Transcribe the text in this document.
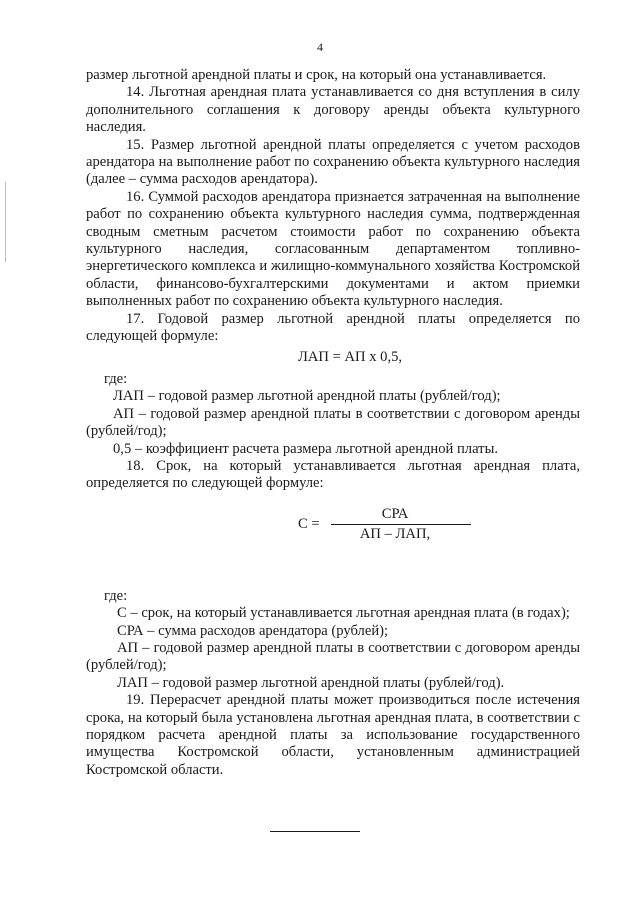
4

размер льготной арендной платы и срок, на который она устанавливается.

14. Льготная арендная плата устанавливается со дня вступления в силу дополнительного соглашения к договору аренды объекта культурного наследия.

15. Размер льготной арендной платы определяется с учетом расходов арендатора на выполнение работ по сохранению объекта культурного наследия (далее – сумма расходов арендатора).

16. Суммой расходов арендатора признается затраченная на выполнение работ по сохранению объекта культурного наследия сумма, подтвержденная сводным сметным расчетом стоимости работ по сохранению объекта культурного наследия, согласованным департаментом топливно-энергетического комплекса и жилищно-коммунального хозяйства Костромской области, финансово-бухгалтерскими документами и актом приемки выполненных работ по сохранению объекта культурного наследия.

17. Годовой размер льготной арендной платы определяется по следующей формуле:

ЛАП = АП х 0,5,

где:

ЛАП – годовой размер льготной арендной платы (рублей/год);

АП – годовой размер арендной платы в соответствии с договором аренды (рублей/год);

0,5 – коэффициент расчета размера льготной арендной платы.

18. Срок, на который устанавливается льготная арендная плата, определяется по следующей формуле:

С =
СРА
АП – ЛАП,

где:

С – срок, на который устанавливается льготная арендная плата (в годах);

СРА – сумма расходов арендатора (рублей);

АП – годовой размер арендной платы в соответствии с договором аренды (рублей/год);

ЛАП – годовой размер льготной арендной платы (рублей/год).

19. Перерасчет арендной платы может производиться после истечения срока, на который была установлена льготная арендная плата, в соответствии с порядком расчета арендной платы за использование государственного имущества Костромской области, установленным администрацией Костромской области.
